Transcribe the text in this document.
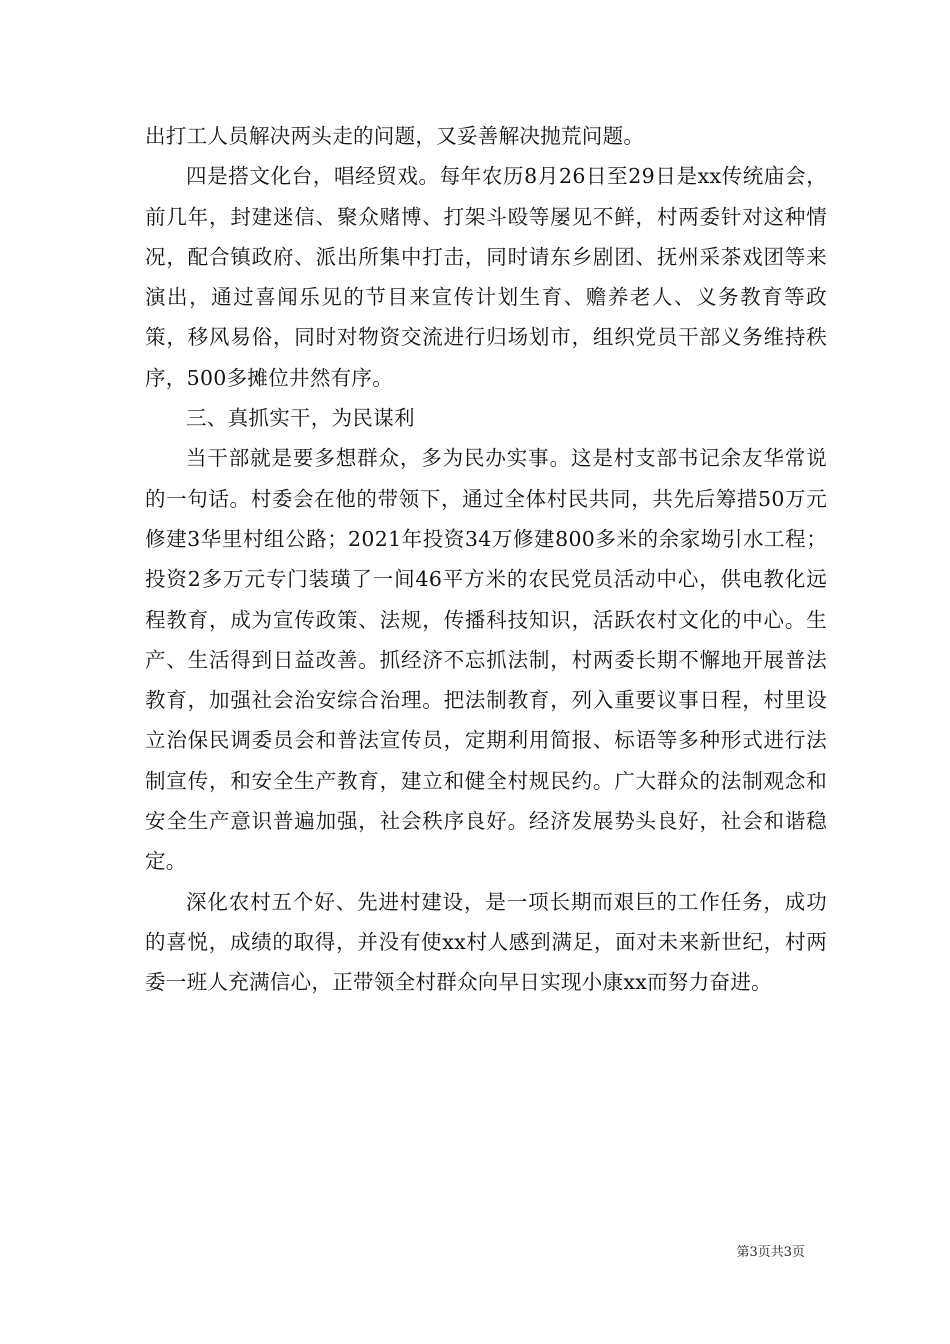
出打工人员解决两头走的问题，又妥善解决抛荒问题。

四是搭文化台，唱经贸戏。每年农历8月26日至29日是xx传统庙会，前几年，封建迷信、聚众赌博、打架斗殴等屡见不鲜，村两委针对这种情况，配合镇政府、派出所集中打击，同时请东乡剧团、抚州采茶戏团等来演出，通过喜闻乐见的节目来宣传计划生育、赡养老人、义务教育等政策，移风易俗，同时对物资交流进行归场划市，组织党员干部义务维持秩序，500多摊位井然有序。

三、真抓实干，为民谋利

当干部就是要多想群众，多为民办实事。这是村支部书记余友华常说的一句话。村委会在他的带领下，通过全体村民共同，共先后筹措50万元修建3华里村组公路；2021年投资34万修建800多米的余家坳引水工程；投资2多万元专门装璜了一间46平方米的农民党员活动中心，供电教化远程教育，成为宣传政策、法规，传播科技知识，活跃农村文化的中心。生产、生活得到日益改善。抓经济不忘抓法制，村两委长期不懈地开展普法教育，加强社会治安综合治理。把法制教育，列入重要议事日程，村里设立治保民调委员会和普法宣传员，定期利用简报、标语等多种形式进行法制宣传，和安全生产教育，建立和健全村规民约。广大群众的法制观念和安全生产意识普遍加强，社会秩序良好。经济发展势头良好，社会和谐稳定。

深化农村五个好、先进村建设，是一项长期而艰巨的工作任务，成功的喜悦，成绩的取得，并没有使xx村人感到满足，面对未来新世纪，村两委一班人充满信心，正带领全村群众向早日实现小康xx而努力奋进。

第3页共3页
